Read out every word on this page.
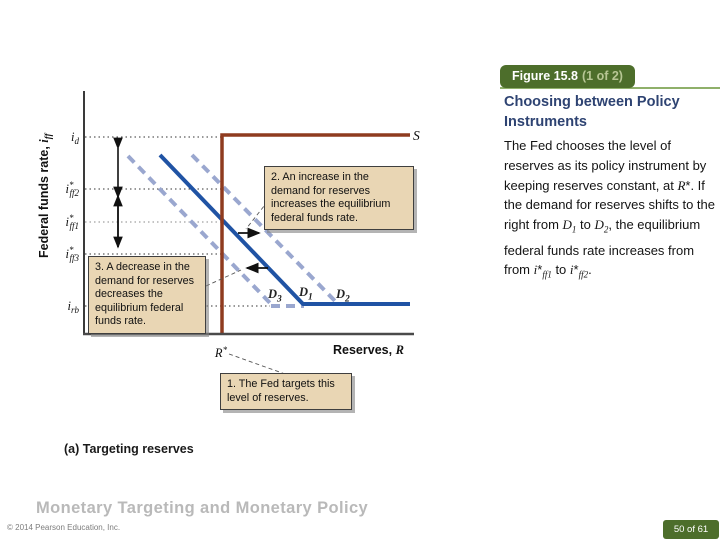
Federal funds rate, $i_{ff}$ $i_d$
i* ff2
i* ff1
i* ff3
$i_{rb}$
R*	Reserves, R
S
$D_3$
$D_1$ $D_2$
2. An increase in the demand for reserves increases the equilibrium federal funds rate.
3. A decrease in the demand for reserves decreases the equilibrium federal funds rate.
1. The Fed targets this level of reserves.
(a) Targeting reserves
Figure 15.8 (1 of 2)
Choosing between Policy
Instruments
The Fed chooses the level of reserves as its policy instrument by keeping reserves constant, at R*. If the demand for reserves shifts to the right from $D_1$ to $D_2$, the equilibrium federal funds rate increases from from $i*_{ff1}$ to $i*_{ff2}$.
Monetary Targeting and Monetary Policy
© 2014 Pearson Education, Inc.	50 of 61
